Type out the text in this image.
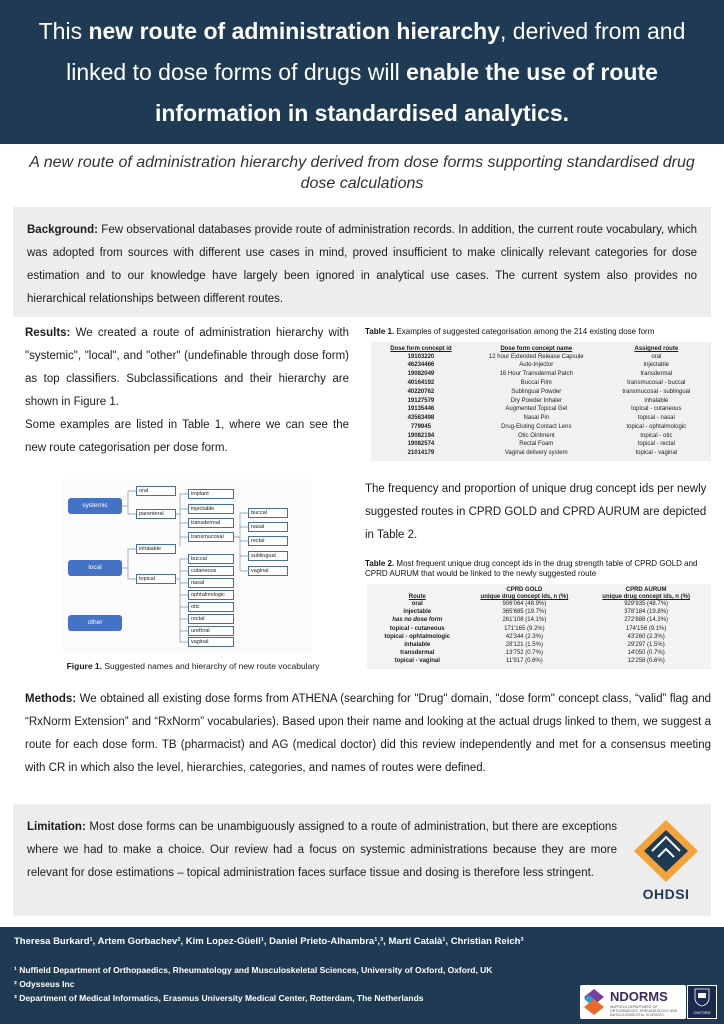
This new route of administration hierarchy, derived from and linked to dose forms of drugs will enable the use of route information in standardised analytics.
A new route of administration hierarchy derived from dose forms supporting standardised drug dose calculations

Background: Few observational databases provide route of administration records. In addition, the current route vocabulary, which was adopted from sources with different use cases in mind, proved insufficient to make clinically relevant categories for dose estimation and to our knowledge have largely been ignored in analytical use cases. The current system also provides no hierarchical relationships between different routes.

Results: We created a route of administration hierarchy with "systemic", "local", and "other" (undefinable through dose form) as top classifiers. Subclassifications and their hierarchy are shown in Figure 1.

Some examples are listed in Table 1, where we can see the new route categorisation per dose form.

Table 1. Examples of suggested categorisation among the 214 existing dose form
Dose form concept id	Dose form concept name	Assigned route
19103220	12 hour Extended Release Capsule	oral
46234466	Auto-Injector	injectable
19082049	16 Hour Transdermal Patch	transdermal
40164192	Buccal Film	transmucosal - buccal
40220762	Sublingual Powder	transmucosal - sublingual
19127579	Dry Powder Inhaler	inhalable
19135446	Augmented Topical Gel	topical - cutaneous
43563498	Nasal Pin	topical - nasal
779945	Drug-Eluting Contact Lens	topical - ophtalmologic
19082194	Otic Ointment	topical - otic
19082574	Rectal Foam	topical - rectal
21014179	Vaginal delivery system	topical - vaginal
The frequency and proportion of unique drug concept ids per newly suggested routes in CPRD GOLD and CPRD AURUM are depicted in Table 2.
Table 2. Most frequent unique drug concept ids in the drug strength table of CPRD GOLD and CPRD AURUM that would be linked to the newly suggested route
	CPRD GOLD	CPRD AURUM
Route	unique drug concept ids, n (%)	unique drug concept ids, n (%)
oral	906'064 (48.9%)	929'935 (48.7%)
injectable	365'685 (19.7%)	378'184 (19.8%)
has no dose form	261'108 (14.1%)	272'888 (14.3%)
topical - cutaneous	171'165 (9.2%)	174'156 (9.1%)
topical - ophtalmologic	42'344 (2.3%)	43'260 (2.3%)
inhalable	28'121 (1.5%)	29'297 (1.5%)
transdermal	13'752 (0.7%)	14'050 (0.7%)
topical - vaginal	11'917 (0.6%)	12'258 (0.6%)
systemic
local
other
oral
parenteral
implant
injectable
transdermal
transmucosal
buccal
nasal
rectal
sublingual
vaginal
inhalable
topical
buccal
cutaneous
nasal
ophtalmologic
otic
rectal
urethral
vaginal
Figure 1. Suggested names and hierarchy of new route vocabulary

Methods: We obtained all existing dose forms from ATHENA (searching for "Drug" domain, "dose form" concept class, “valid” flag and “RxNorm Extension” and “RxNorm” vocabularies). Based upon their name and looking at the actual drugs linked to them, we suggest a route for each dose form. TB (pharmacist) and AG (medical doctor) did this review independently and met for a consensus meeting with CR in which also the level, hierarchies, categories, and names of routes were defined.

Limitation: Most dose forms can be unambiguously assigned to a route of administration, but there are exceptions where we had to make a choice. Our review had a focus on systemic administrations because they are more relevant for dose estimations – topical administration faces surface tissue and dosing is therefore less stringent.

OHDSI
Theresa Burkard¹, Artem Gorbachev², Kim Lopez-Güell¹, Daniel Prieto-Alhambra¹,³, Martí Català¹, Christian Reich³
¹ Nuffield Department of Orthopaedics, Rheumatology and Musculoskeletal Sciences, University of Oxford, Oxford, UK
² Odysseus Inc
³ Department of Medical Informatics, Erasmus University Medical Center, Rotterdam, The Netherlands	NDORMS
NUFFIELD DEPARTMENT OF ORTHOPAEDICS, RHEUMATOLOGY AND MUSCULOSKELETAL SCIENCES	OXFORD
